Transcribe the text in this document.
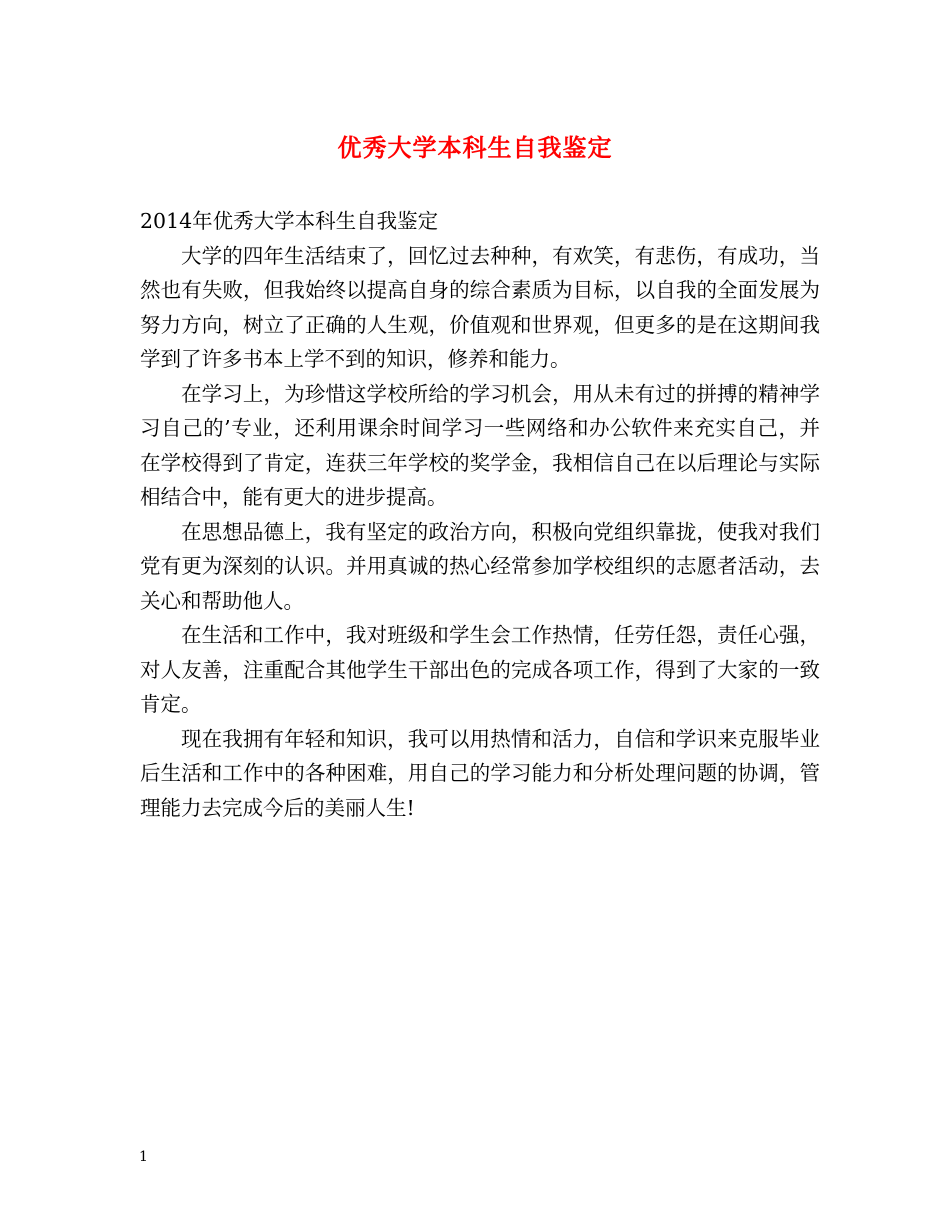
优秀大学本科生自我鉴定

2014年优秀大学本科生自我鉴定

大学的四年生活结束了，回忆过去种种，有欢笑，有悲伤，有成功，当然也有失败，但我始终以提高自身的综合素质为目标，以自我的全面发展为努力方向，树立了正确的人生观，价值观和世界观，但更多的是在这期间我学到了许多书本上学不到的知识，修养和能力。

在学习上，为珍惜这学校所给的学习机会，用从未有过的拼搏的精神学习自己的’专业，还利用课余时间学习一些网络和办公软件来充实自己，并在学校得到了肯定，连获三年学校的奖学金，我相信自己在以后理论与实际相结合中，能有更大的进步提高。

在思想品德上，我有坚定的政治方向，积极向党组织靠拢，使我对我们党有更为深刻的认识。并用真诚的热心经常参加学校组织的志愿者活动，去关心和帮助他人。

在生活和工作中，我对班级和学生会工作热情，任劳任怨，责任心强，对人友善，注重配合其他学生干部出色的完成各项工作，得到了大家的一致肯定。

现在我拥有年轻和知识，我可以用热情和活力，自信和学识来克服毕业后生活和工作中的各种困难，用自己的学习能力和分析处理问题的协调，管理能力去完成今后的美丽人生!

1
